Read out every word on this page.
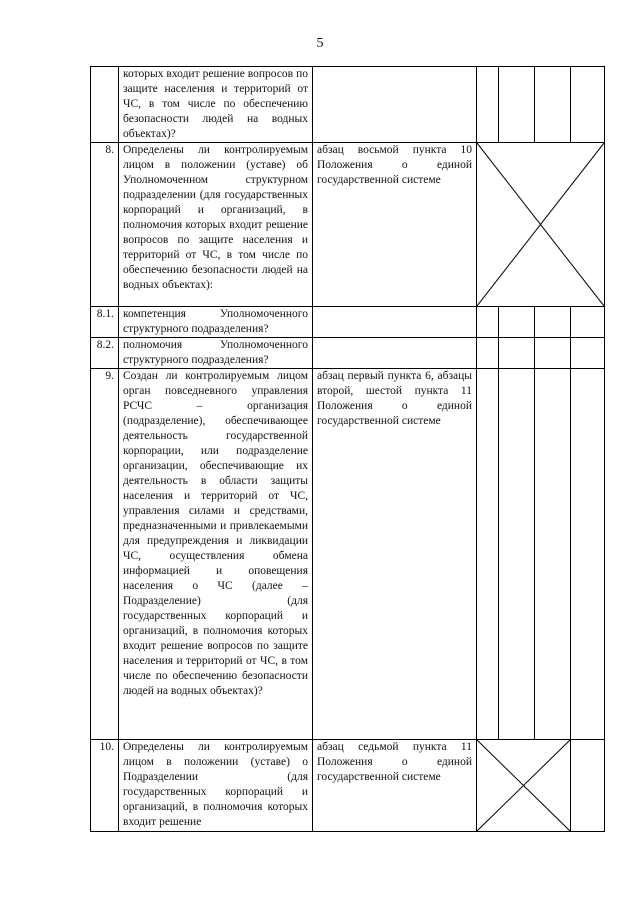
5
	которых входит решение вопросов по защите населения и территорий от ЧС, в том числе по обеспечению безопасности людей на водных объектах)?					
8.	Определены ли контролируемым лицом в положении (уставе) об Уполномоченном структурном подразделении (для государственных корпораций и организаций, в полномочия которых входит решение вопросов по защите населения и территорий от ЧС, в том числе по обеспечению безопасности людей на водных объектах):	абзац восьмой пункта 10 Положения о единой государственной системе	

8.1.	компетенция Уполномоченного структурного подразделения?					
8.2.	полномочия Уполномоченного структурного подразделения?					
9.	Создан ли контролируемым лицом орган повседневного управления РСЧС – организация (подразделение), обеспечивающее деятельность государственной корпорации, или подразделение организации, обеспечивающие их деятельность в области защиты населения и территорий от ЧС, управления силами и средствами, предназначенными и привлекаемыми для предупреждения и ликвидации ЧС, осуществления обмена информацией и оповещения населения о ЧС (далее – Подразделение) (для государственных корпораций и организаций, в полномочия которых входит решение вопросов по защите населения и территорий от ЧС, в том числе по обеспечению безопасности людей на водных объектах)?	абзац первый пункта 6, абзацы второй, шестой пункта 11 Положения о единой государственной системе				
10.	Определены ли контролируемым лицом в положении (уставе) о Подразделении (для государственных корпораций и организаций, в полномочия которых входит решение	абзац седьмой пункта 11 Положения о единой государственной системе	
